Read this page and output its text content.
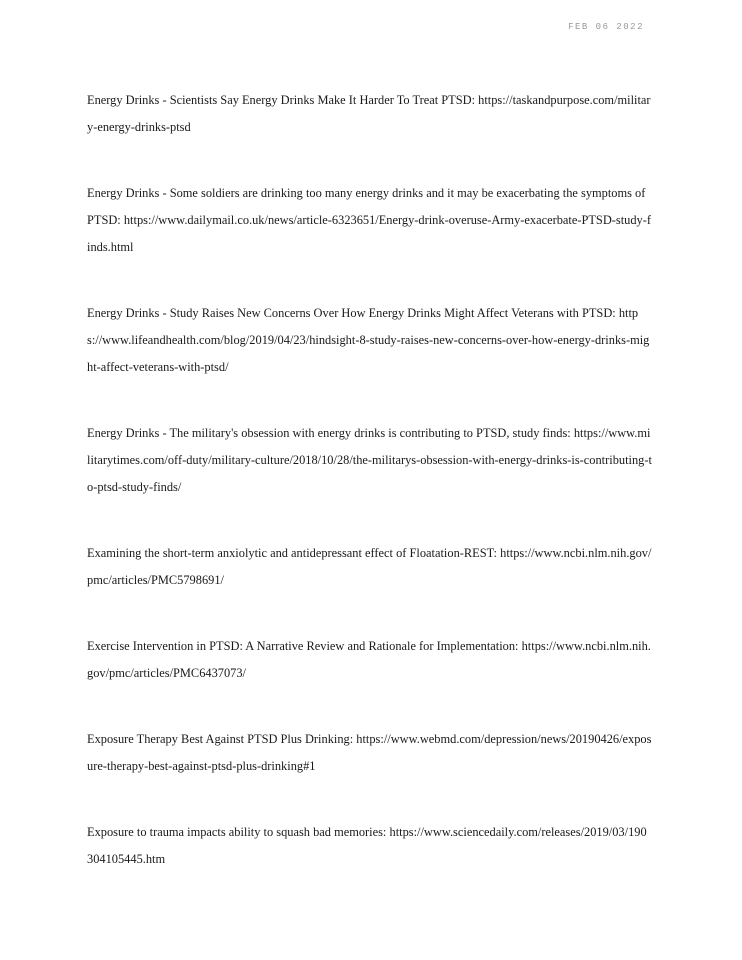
FEB 06 2022
Energy Drinks - Scientists Say Energy Drinks Make It Harder To Treat PTSD: https://taskandpurpose.com/military-energy-drinks-ptsd
Energy Drinks - Some soldiers are drinking too many energy drinks and it may be exacerbating the symptoms of PTSD: https://www.dailymail.co.uk/news/article-6323651/Energy-drink-overuse-Army-exacerbate-PTSD-study-finds.html
Energy Drinks - Study Raises New Concerns Over How Energy Drinks Might Affect Veterans with PTSD: https://www.lifeandhealth.com/blog/2019/04/23/hindsight-8-study-raises-new-concerns-over-how-energy-drinks-might-affect-veterans-with-ptsd/
Energy Drinks - The military's obsession with energy drinks is contributing to PTSD, study finds: https://www.militarytimes.com/off-duty/military-culture/2018/10/28/the-militarys-obsession-with-energy-drinks-is-contributing-to-ptsd-study-finds/
Examining the short-term anxiolytic and antidepressant effect of Floatation-REST: https://www.ncbi.nlm.nih.gov/pmc/articles/PMC5798691/
Exercise Intervention in PTSD: A Narrative Review and Rationale for Implementation: https://www.ncbi.nlm.nih.gov/pmc/articles/PMC6437073/
Exposure Therapy Best Against PTSD Plus Drinking: https://www.webmd.com/depression/news/20190426/exposure-therapy-best-against-ptsd-plus-drinking#1
Exposure to trauma impacts ability to squash bad memories: https://www.sciencedaily.com/releases/2019/03/190304105445.htm
